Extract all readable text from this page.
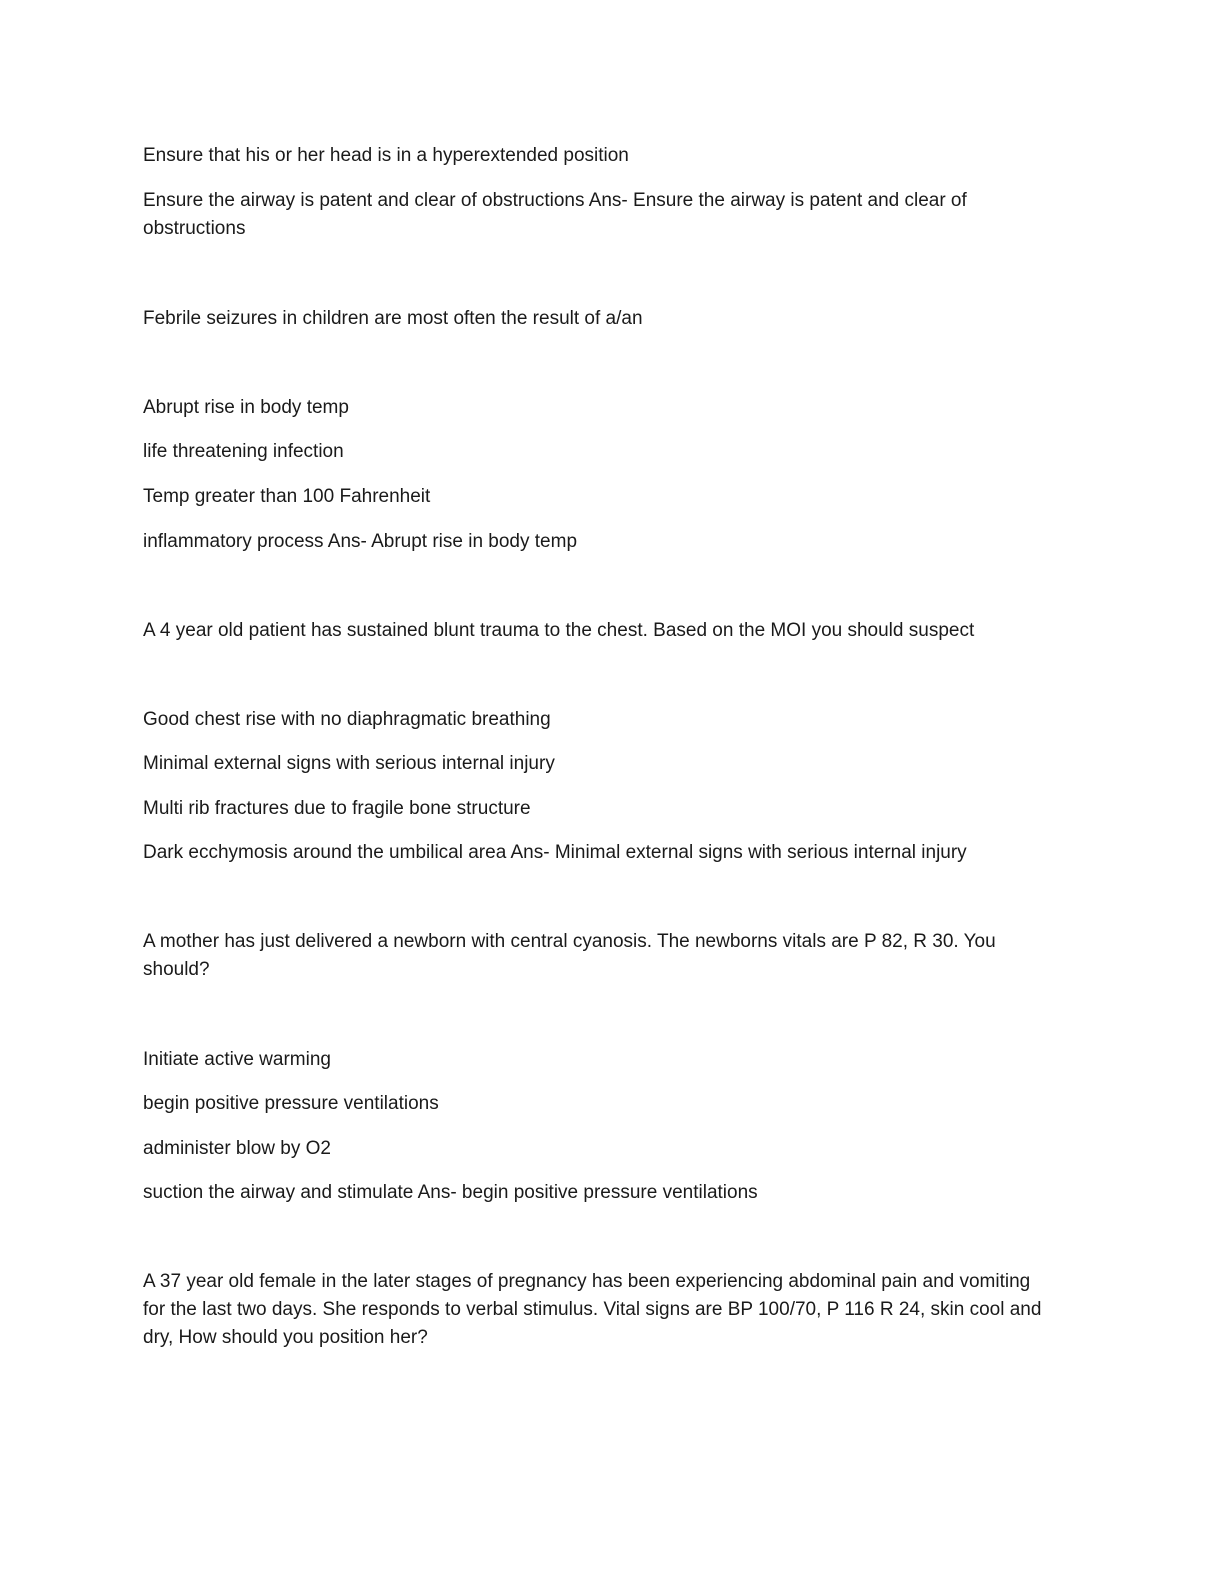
Ensure that his or her head is in a hyperextended position

Ensure the airway is patent and clear of obstructions Ans- Ensure the airway is patent and clear of obstructions

Febrile seizures in children are most often the result of a/an

Abrupt rise in body temp

life threatening infection

Temp greater than 100 Fahrenheit

inflammatory process Ans- Abrupt rise in body temp

A 4 year old patient has sustained blunt trauma to the chest. Based on the MOI you should suspect

Good chest rise with no diaphragmatic breathing

Minimal external signs with serious internal injury

Multi rib fractures due to fragile bone structure

Dark ecchymosis around the umbilical area Ans- Minimal external signs with serious internal injury

A mother has just delivered a newborn with central cyanosis. The newborns vitals are P 82, R 30. You should?

Initiate active warming

begin positive pressure ventilations

administer blow by O2

suction the airway and stimulate Ans- begin positive pressure ventilations

A 37 year old female in the later stages of pregnancy has been experiencing abdominal pain and vomiting for the last two days. She responds to verbal stimulus. Vital signs are BP 100/70, P 116 R 24, skin cool and dry, How should you position her?
